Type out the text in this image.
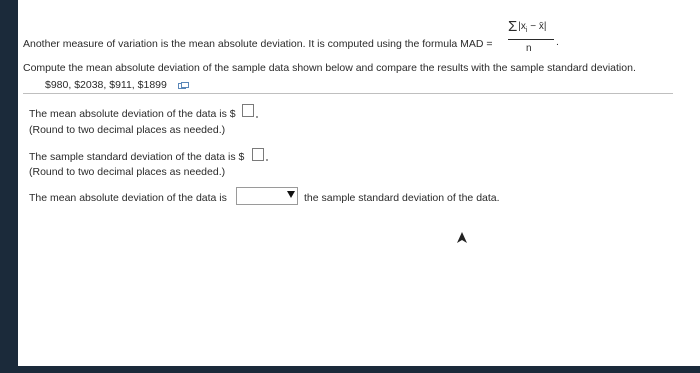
Another measure of variation is the mean absolute deviation. It is computed using the formula MAD =
$\Sigma|x_i$ − x̄|
n
.
Compute the mean absolute deviation of the sample data shown below and compare the results with the sample standard deviation.
$980, $2038, $911, $1899
The mean absolute deviation of the data is $
(Round to two decimal places as needed.)
The sample standard deviation of the data is $
(Round to two decimal places as needed.)
The mean absolute deviation of the data is	the sample standard deviation of the data.
